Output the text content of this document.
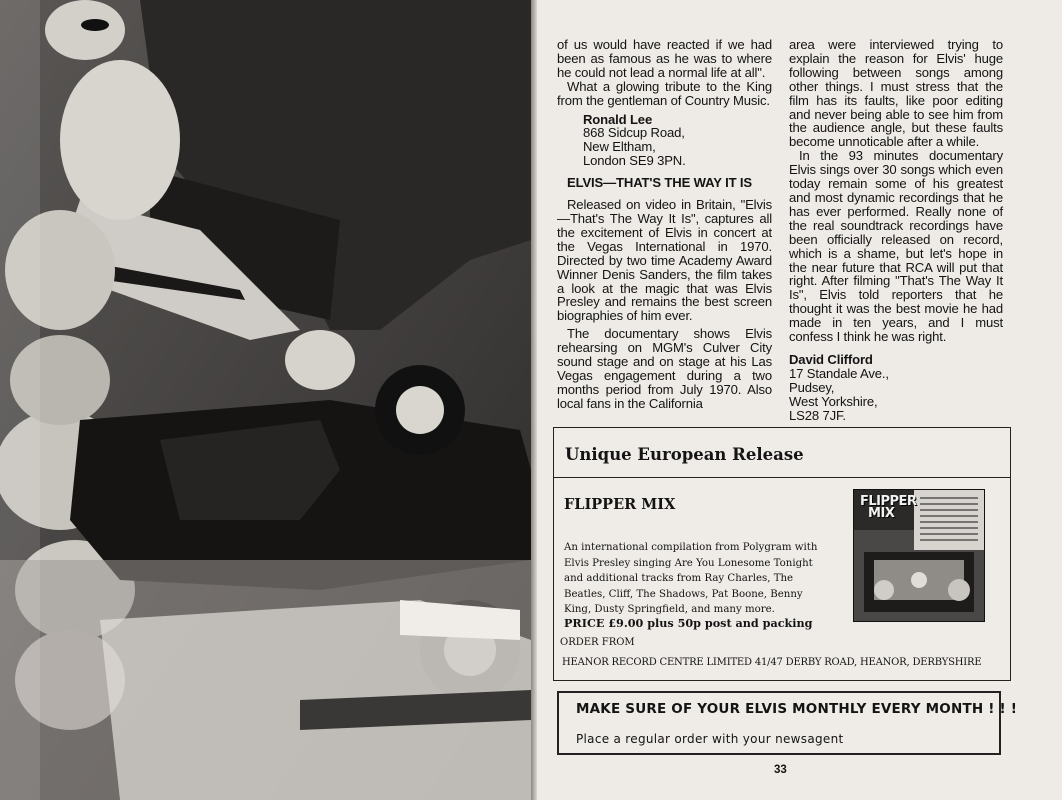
of us would have reacted if we had been as famous as he was to where he could not lead a normal life at all".

What a glowing tribute to the King from the gentleman of Country Music.

Ronald Lee
868 Sidcup Road,
New Eltham,
London SE9 3PN.
ELVIS—THAT'S THE WAY IT IS

Released on video in Britain, "Elvis—That's The Way It Is", captures all the excitement of Elvis in concert at the Vegas International in 1970. Directed by two time Academy Award Winner Denis Sanders, the film takes a look at the magic that was Elvis Presley and remains the best screen biographies of him ever.

The documentary shows Elvis rehearsing on MGM's Culver City sound stage and on stage at his Las Vegas engagement during a two months period from July 1970. Also local fans in the California

area were interviewed trying to explain the reason for Elvis' huge following between songs among other things. I must stress that the film has its faults, like poor editing and never being able to see him from the audience angle, but these faults become unnoticable after a while.

In the 93 minutes documentary Elvis sings over 30 songs which even today remain some of his greatest and most dynamic recordings that he has ever performed. Really none of the real soundtrack recordings have been officially released on record, which is a shame, but let's hope in the near future that RCA will put that right. After filming "That's The Way It Is", Elvis told reporters that he thought it was the best movie he had made in ten years, and I must confess I think he was right.

David Clifford
17 Standale Ave.,
Pudsey,
West Yorkshire,
LS28 7JF.
Unique European Release
FLIPPER MIX
An international compilation from Polygram with Elvis Presley singing Are You Lonesome Tonight and additional tracks from Ray Charles, The Beatles, Cliff, The Shadows, Pat Boone, Benny King, Dusty Springfield, and many more.
PRICE £9.00 plus 50p post and packing
ORDER FROM
HEANOR RECORD CENTRE LIMITED 41/47 DERBY ROAD, HEANOR, DERBYSHIRE
FLIPPER
MIX
MAKE SURE OF YOUR ELVIS MONTHLY EVERY MONTH ! ! !
Place a regular order with your newsagent
33
